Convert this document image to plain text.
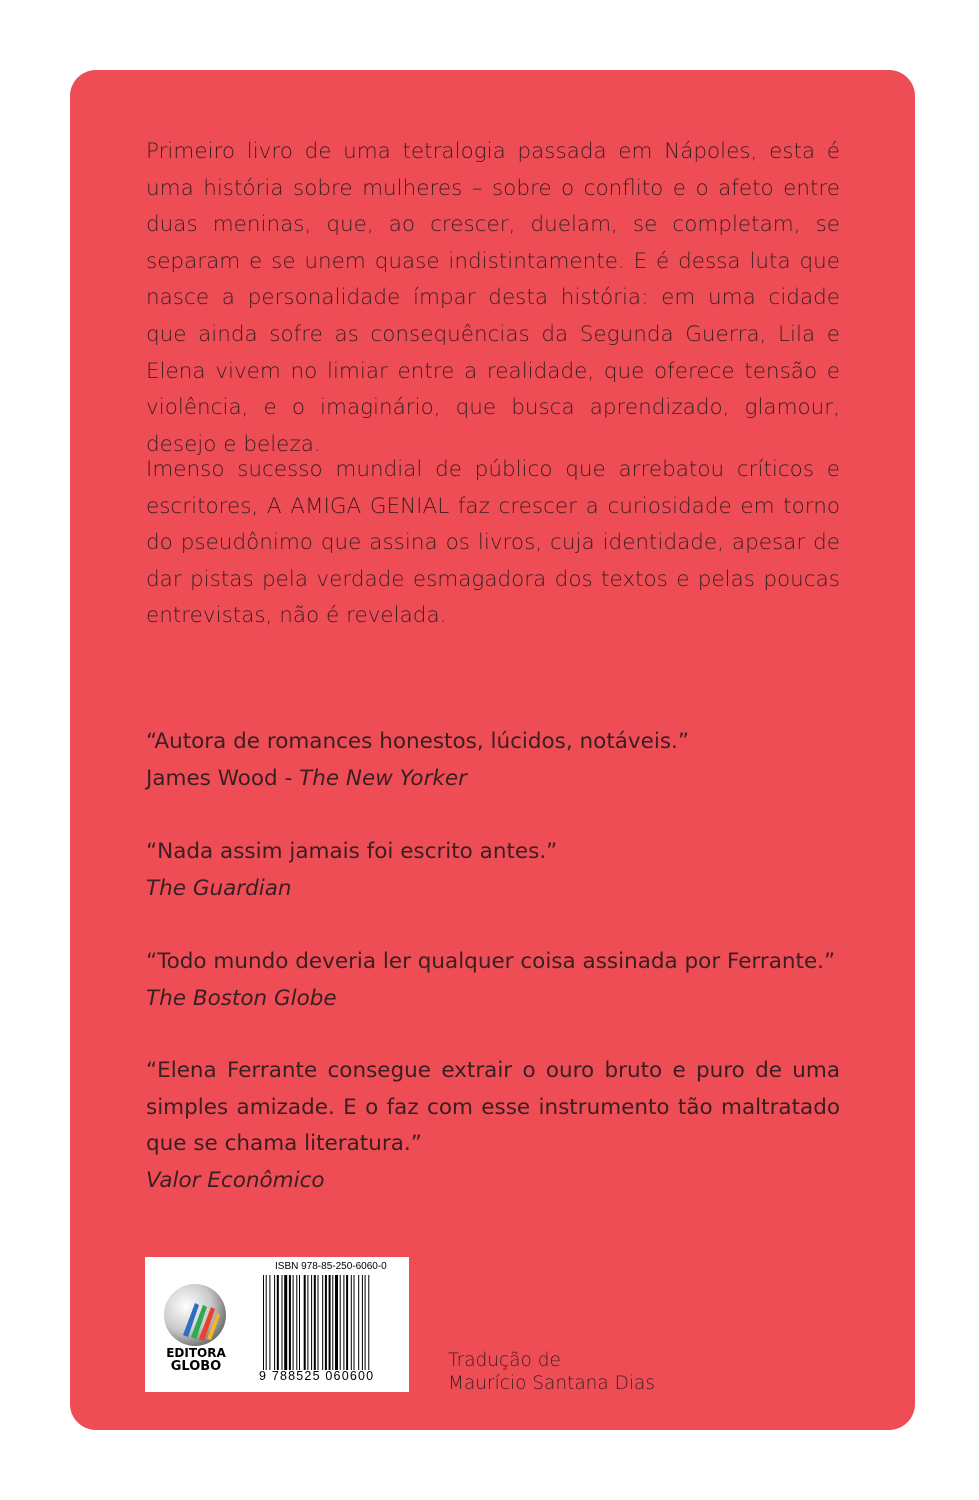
Primeiro livro de uma tetralogia passada em Nápoles, esta é uma história sobre mulheres – sobre o conflito e o afeto entre duas meninas, que, ao crescer, duelam, se completam, se separam e se unem quase indistintamente. E é dessa luta que nasce a personalidade ímpar desta história: em uma cidade que ainda sofre as consequências da Segunda Guerra, Lila e Elena vivem no limiar entre a realidade, que oferece tensão e violência, e o imaginário, que busca aprendizado, glamour, desejo e beleza.

Imenso sucesso mundial de público que arrebatou críticos e escritores, A AMIGA GENIAL faz crescer a curiosidade em torno do pseudônimo que assina os livros, cuja identidade, apesar de dar pistas pela verdade esmagadora dos textos e pelas poucas entrevistas, não é revelada.

“Autora de romances honestos, lúcidos, notáveis.”
James Wood - The New Yorker
“Nada assim jamais foi escrito antes.”
The Guardian
“Todo mundo deveria ler qualquer coisa assinada por Ferrante.”
The Boston Globe
“Elena Ferrante consegue extrair o ouro bruto e puro de uma simples amizade. E o faz com esse instrumento tão maltratado que se chama literatura.”
Valor Econômico
EDITORA
GLOBO
ISBN 978-85-250-6060-0
9 788525 060600
Tradução de
Maurício Santana Dias
